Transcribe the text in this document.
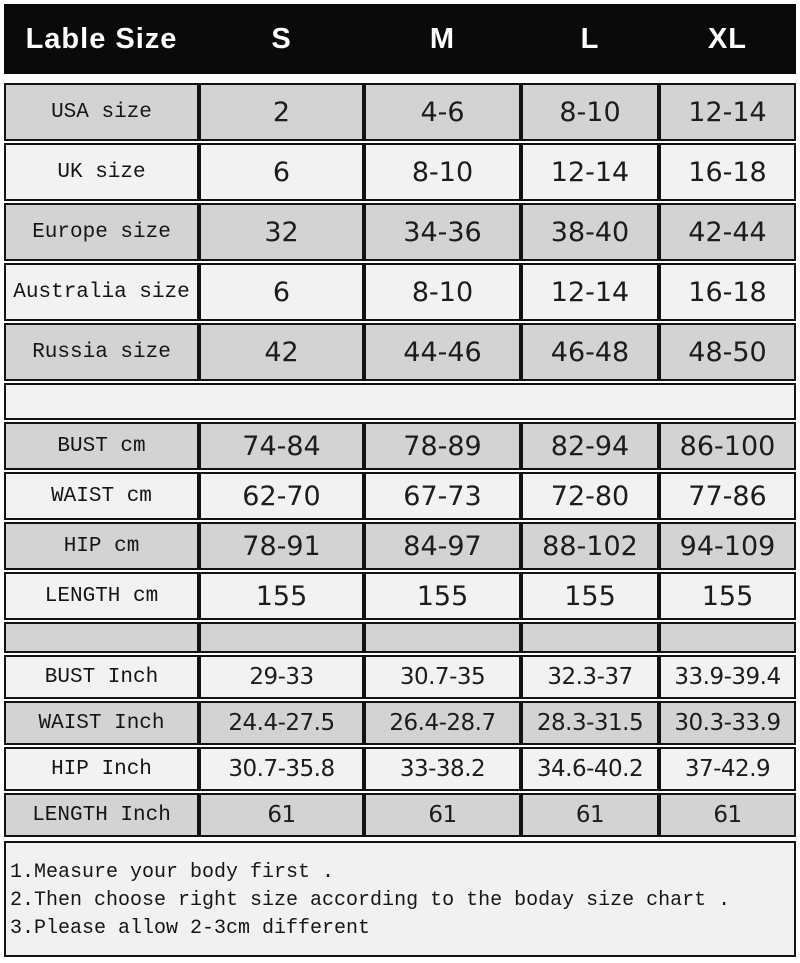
Lable Size	S	M	L	XL
USA size	2	4-6	8-10	12-14
UK size	6	8-10	12-14	16-18
Europe size	32	34-36	38-40	42-44
Australia size	6	8-10	12-14	16-18
Russia size	42	44-46	46-48	48-50

BUST cm	74-84	78-89	82-94	86-100
WAIST cm	62-70	67-73	72-80	77-86
HIP cm	78-91	84-97	88-102	94-109
LENGTH cm	155	155	155	155

BUST Inch	29-33	30.7-35	32.3-37	33.9-39.4
WAIST Inch	24.4-27.5	26.4-28.7	28.3-31.5	30.3-33.9
HIP Inch	30.7-35.8	33-38.2	34.6-40.2	37-42.9
LENGTH Inch	61	61	61	61
1.Measure your body first .
2.Then choose right size according to the boday size chart .
3.Please allow 2-3cm different
